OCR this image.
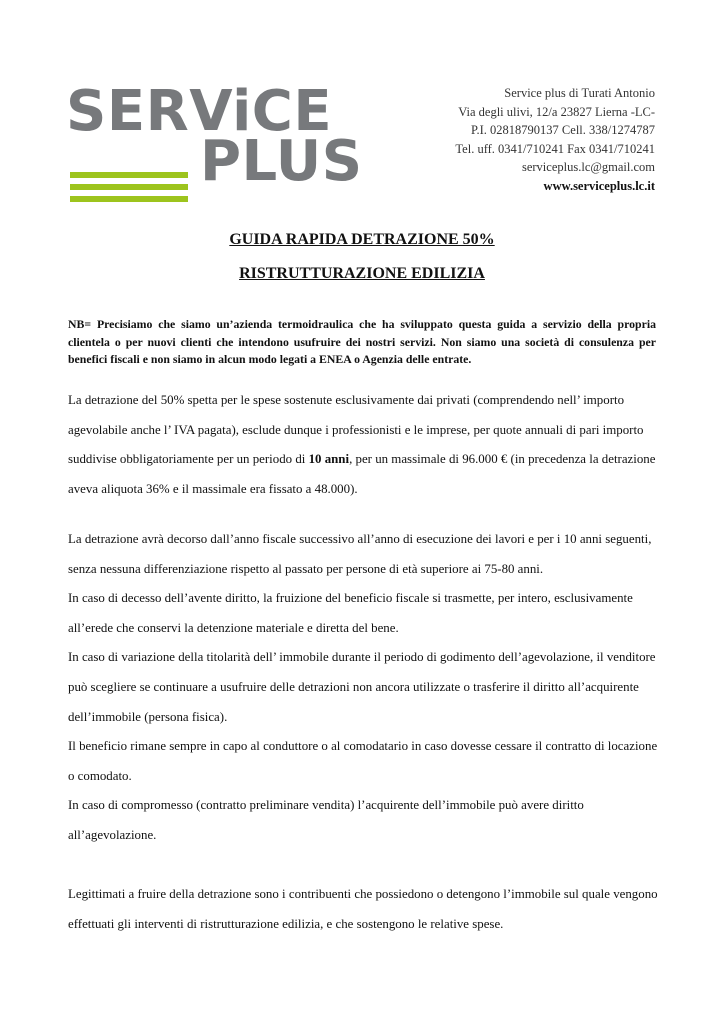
SERViCE
PLUS
Service plus di Turati Antonio
Via degli ulivi, 12/a 23827 Lierna -LC-
P.I. 02818790137 Cell. 338/1274787
Tel. uff. 0341/710241 Fax 0341/710241
serviceplus.lc@gmail.com
www.serviceplus.lc.it
GUIDA RAPIDA DETRAZIONE 50%
RISTRUTTURAZIONE EDILIZIA
NB= Precisiamo che siamo un’azienda termoidraulica che ha sviluppato questa guida a servizio della propria clientela o per nuovi clienti che intendono usufruire dei nostri servizi. Non siamo una società di consulenza per benefici fiscali e non siamo in alcun modo legati a ENEA o Agenzia delle entrate.
La detrazione del 50% spetta per le spese sostenute esclusivamente dai privati (comprendendo nell’ importo agevolabile anche l’ IVA pagata), esclude dunque i professionisti e le imprese, per quote annuali di pari importo suddivise obbligatoriamente per un periodo di 10 anni, per un massimale di 96.000 € (in precedenza la detrazione aveva aliquota 36% e il massimale era fissato a 48.000).
La detrazione avrà decorso dall’anno fiscale successivo all’anno di esecuzione dei lavori e per i 10 anni seguenti, senza nessuna differenziazione rispetto al passato per persone di età superiore ai 75-80 anni.
In caso di decesso dell’avente diritto, la fruizione del beneficio fiscale si trasmette, per intero, esclusivamente all’erede che conservi la detenzione materiale e diretta del bene.
In caso di variazione della titolarità dell’ immobile durante il periodo di godimento dell’agevolazione, il venditore può scegliere se continuare a usufruire delle detrazioni non ancora utilizzate o trasferire il diritto all’acquirente dell’immobile (persona fisica).
Il beneficio rimane sempre in capo al conduttore o al comodatario in caso dovesse cessare il contratto di locazione o comodato.
In caso di compromesso (contratto preliminare vendita) l’acquirente dell’immobile può avere diritto all’agevolazione.
Legittimati a fruire della detrazione sono i contribuenti che possiedono o detengono l’immobile sul quale vengono effettuati gli interventi di ristrutturazione edilizia, e che sostengono le relative spese.
